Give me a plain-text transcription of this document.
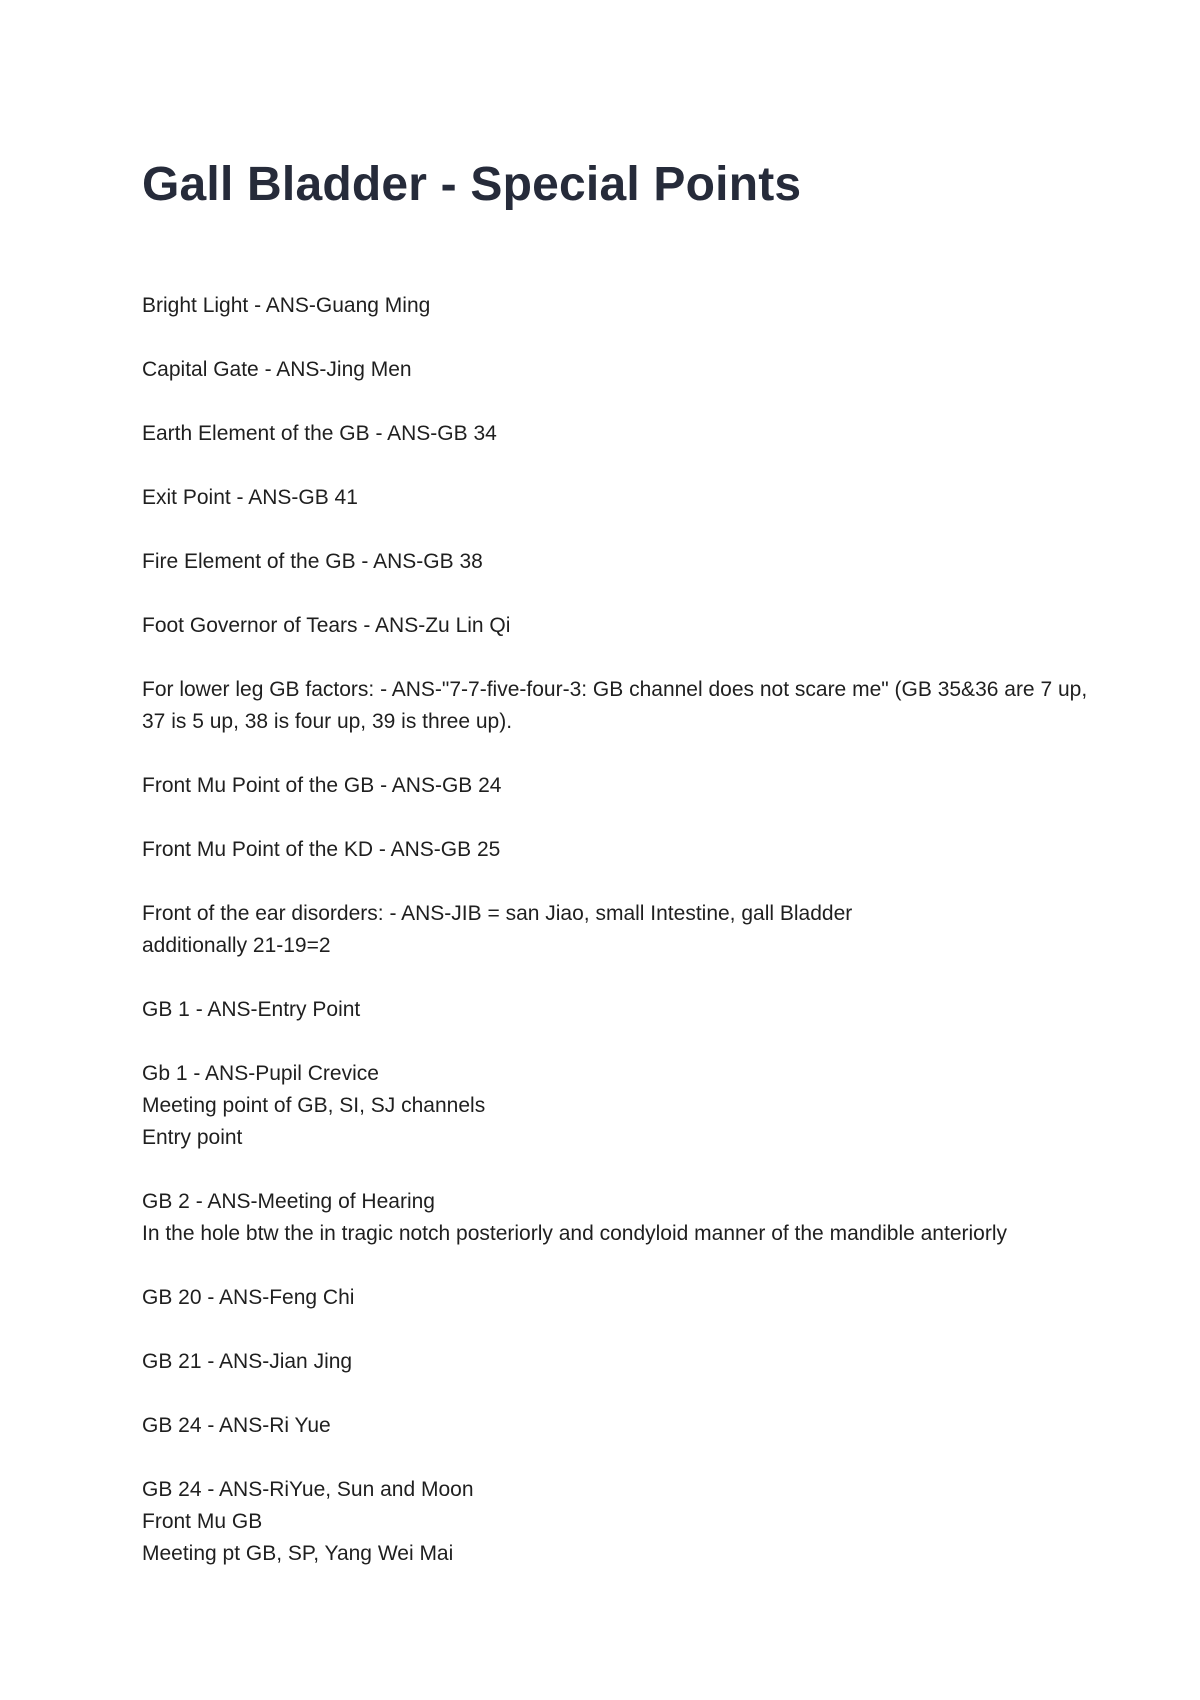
Gall Bladder - Special Points

Bright Light - ANS-Guang Ming

Capital Gate - ANS-Jing Men

Earth Element of the GB - ANS-GB 34

Exit Point - ANS-GB 41

Fire Element of the GB - ANS-GB 38

Foot Governor of Tears - ANS-Zu Lin Qi

For lower leg GB factors: - ANS-"7-7-five-four-3: GB channel does not scare me" (GB 35&36 are 7 up, 37 is 5 up, 38 is four up, 39 is three up).

Front Mu Point of the GB - ANS-GB 24

Front Mu Point of the KD - ANS-GB 25

Front of the ear disorders: - ANS-JIB = san Jiao, small Intestine, gall Bladder
additionally 21-19=2

GB 1 - ANS-Entry Point

Gb 1 - ANS-Pupil Crevice
Meeting point of GB, SI, SJ channels
Entry point

GB 2 - ANS-Meeting of Hearing
In the hole btw the in tragic notch posteriorly and condyloid manner of the mandible anteriorly

GB 20 - ANS-Feng Chi

GB 21 - ANS-Jian Jing

GB 24 - ANS-Ri Yue

GB 24 - ANS-RiYue, Sun and Moon
Front Mu GB
Meeting pt GB, SP, Yang Wei Mai
